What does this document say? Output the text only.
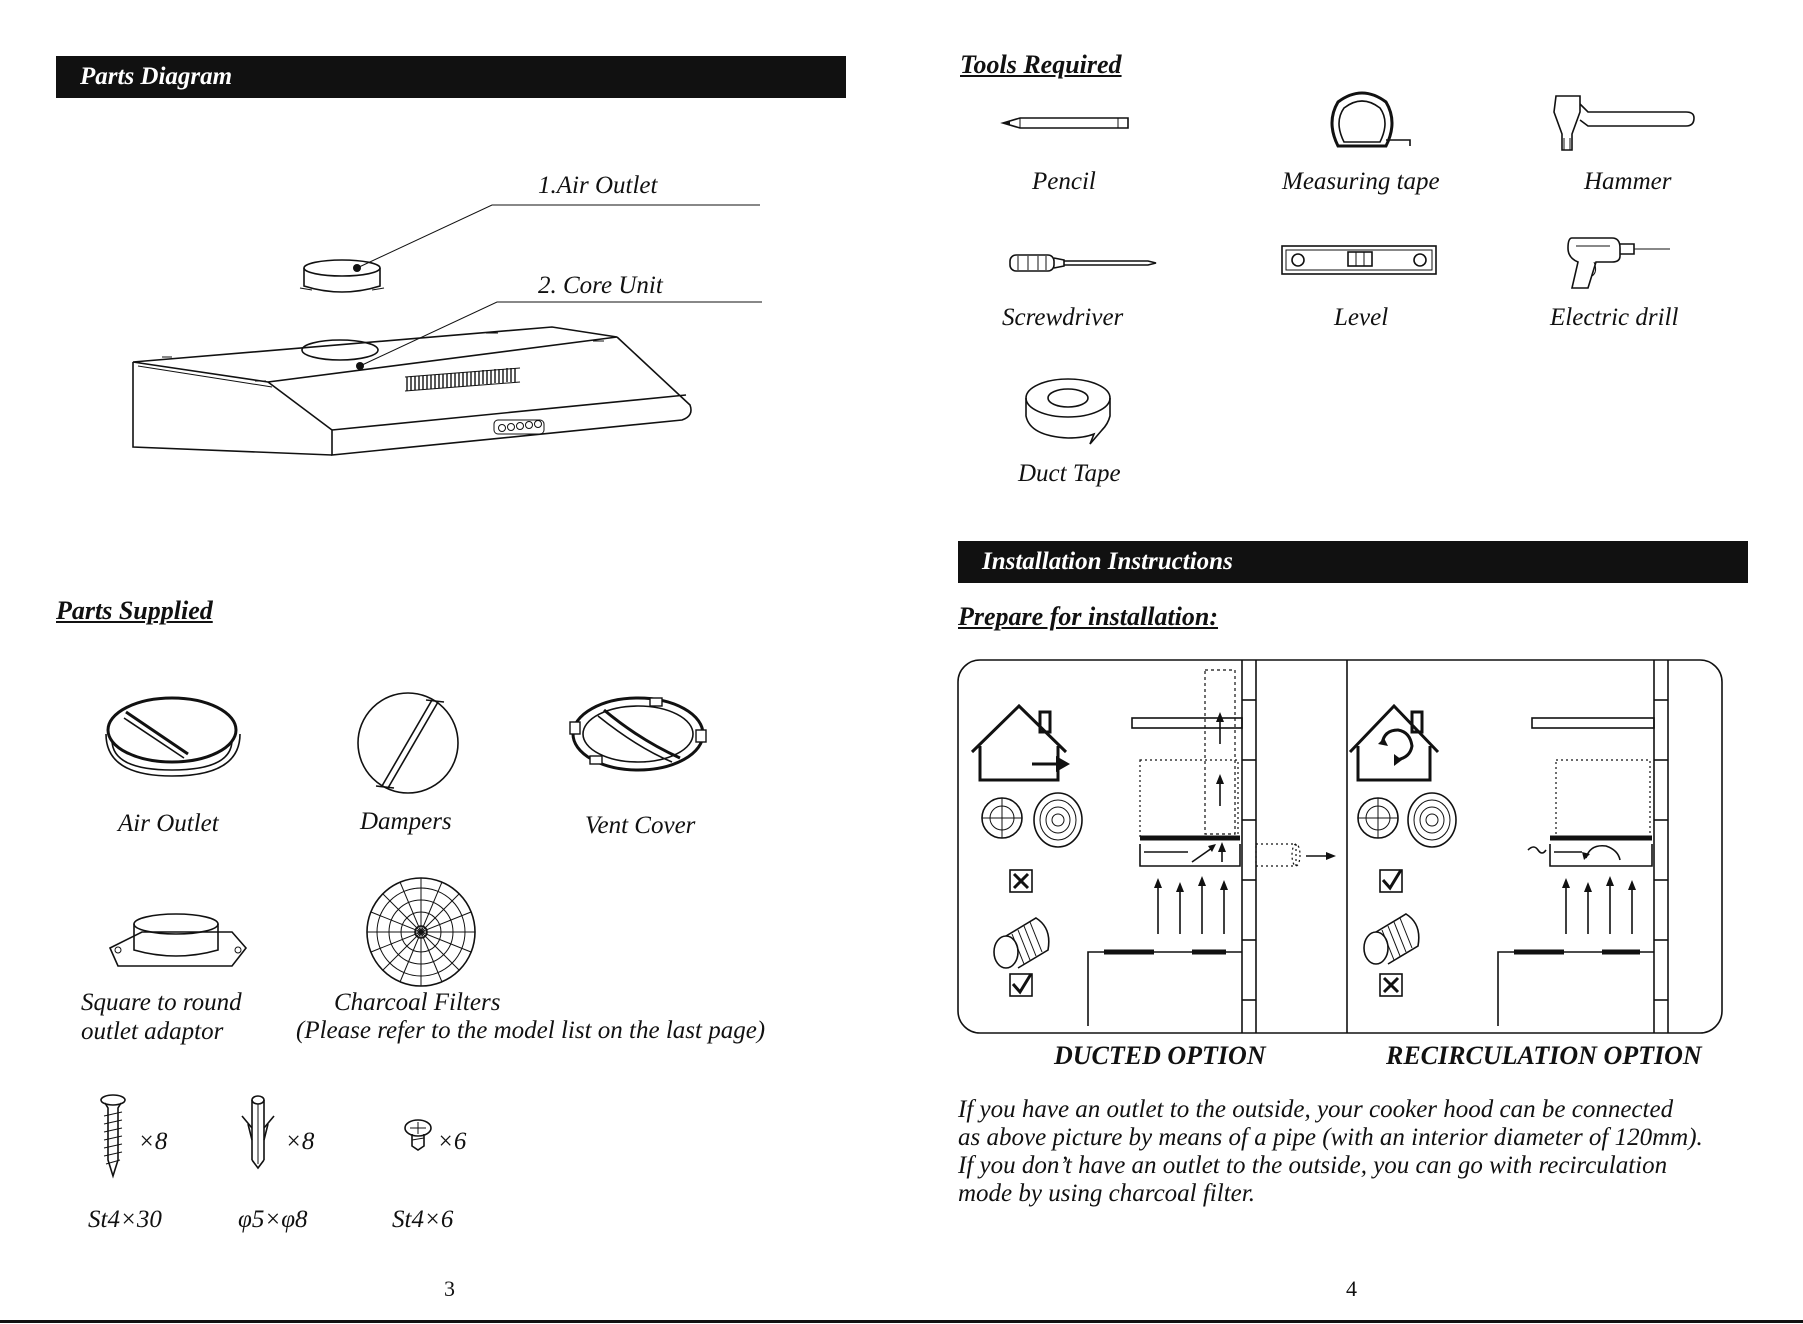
Parts Diagram
1.Air Outlet
2. Core Unit
Parts Supplied
Air Outlet	Dampers	Vent Cover
Square to round
outlet adaptor
Charcoal Filters
(Please refer to the model list on the last page)
×8	×8	×6
St4×30	φ5×φ8	St4×6
3
Tools Required
Pencil	Measuring tape	Hammer
Screwdriver	Level	Electric drill
Duct Tape
Installation Instructions
Prepare for installation:
DUCTED OPTION	RECIRCULATION OPTION
If you have an outlet to the outside, your cooker hood can be connected
as above picture by means of a pipe (with an interior diameter of 120mm).
If you don’t have an outlet to the outside, you can go with recirculation
mode by using charcoal filter.
4
